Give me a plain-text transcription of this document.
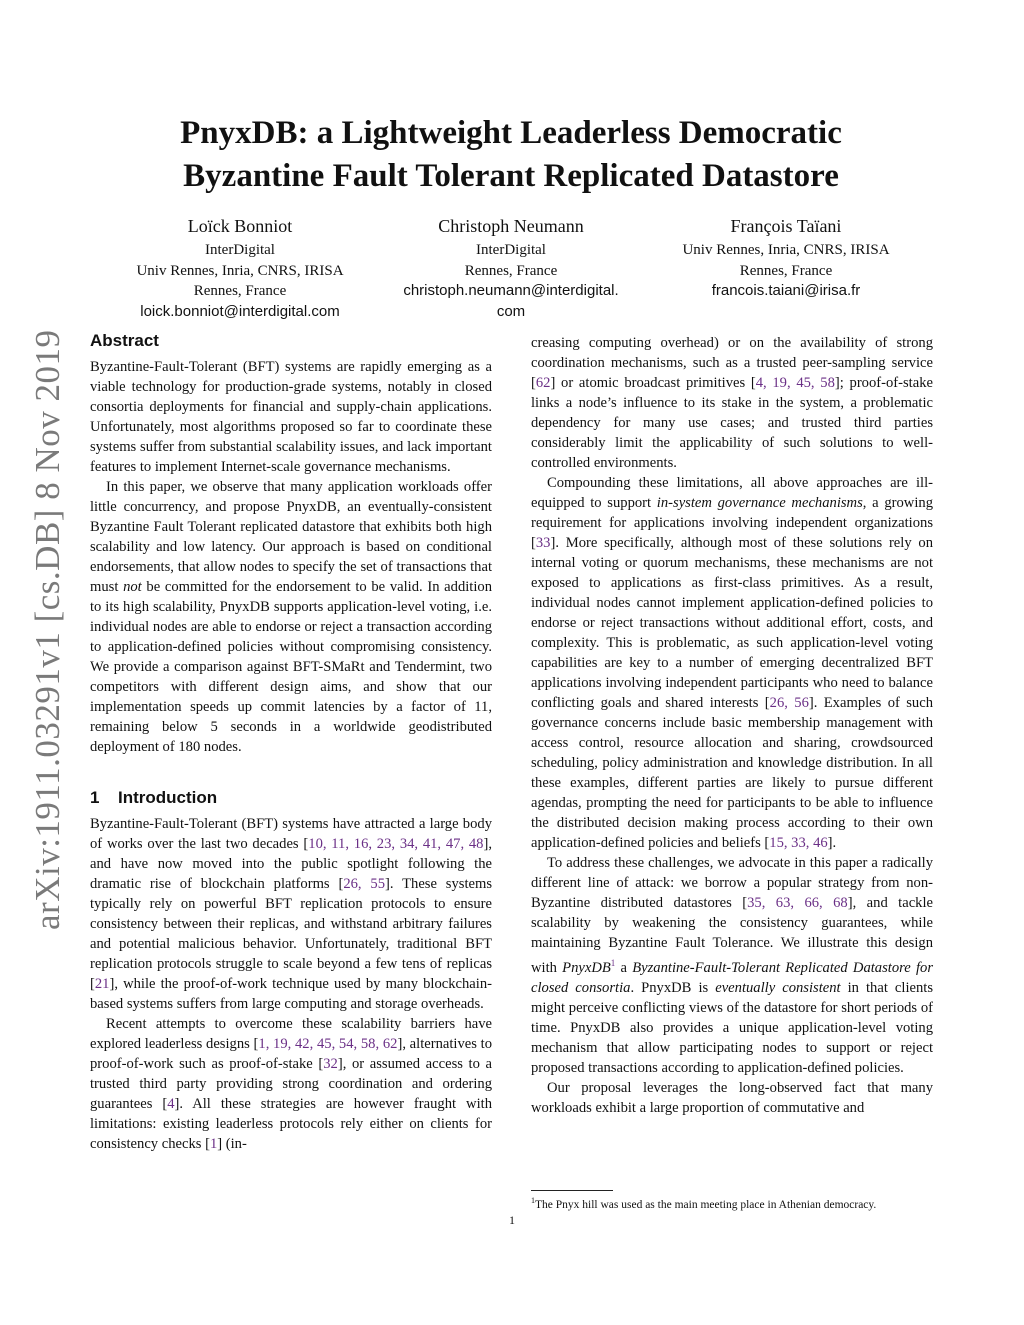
arXiv:1911.03291v1 [cs.DB] 8 Nov 2019
PnyxDB: a Lightweight Leaderless Democratic
Byzantine Fault Tolerant Replicated Datastore
Loïck Bonniot
InterDigital
Univ Rennes, Inria, CNRS, IRISA
Rennes, France
loick.bonniot@interdigital.com
Christoph Neumann
InterDigital
Rennes, France
christoph.neumann@interdigital.
com
François Taïani
Univ Rennes, Inria, CNRS, IRISA
Rennes, France
francois.taiani@irisa.fr
Abstract

Byzantine-Fault-Tolerant (BFT) systems are rapidly emerging as a viable technology for production-grade systems, notably in closed consortia deployments for financial and supply-chain applications. Unfortunately, most algorithms proposed so far to coordinate these systems suffer from substantial scalability issues, and lack important features to implement Internet-scale governance mechanisms.

In this paper, we observe that many application workloads offer little concurrency, and propose PnyxDB, an eventually-consistent Byzantine Fault Tolerant replicated datastore that exhibits both high scalability and low latency. Our approach is based on conditional endorsements, that allow nodes to specify the set of transactions that must not be committed for the endorsement to be valid. In addition to its high scalability, PnyxDB supports application-level voting, i.e. individual nodes are able to endorse or reject a transaction according to application-defined policies without compromising consistency. We provide a comparison against BFT-SMaRt and Tendermint, two competitors with different design aims, and show that our implementation speeds up commit latencies by a factor of 11, remaining below 5 seconds in a worldwide geodistributed deployment of 180 nodes.

1 Introduction

Byzantine-Fault-Tolerant (BFT) systems have attracted a large body of works over the last two decades [10, 11, 16, 23, 34, 41, 47, 48], and have now moved into the public spotlight following the dramatic rise of blockchain platforms [26, 55]. These systems typically rely on powerful BFT replication protocols to ensure consistency between their replicas, and withstand arbitrary failures and potential malicious behavior. Unfortunately, traditional BFT replication protocols struggle to scale beyond a few tens of replicas [21], while the proof-of-work technique used by many blockchain-based systems suffers from large computing and storage overheads.

Recent attempts to overcome these scalability barriers have explored leaderless designs [1, 19, 42, 45, 54, 58, 62], alternatives to proof-of-work such as proof-of-stake [32], or assumed access to a trusted third party providing strong coordination and ordering guarantees [4]. All these strategies are however fraught with limitations: existing leaderless protocols rely either on clients for consistency checks [1] (in-

creasing computing overhead) or on the availability of strong coordination mechanisms, such as a trusted peer-sampling service [62] or atomic broadcast primitives [4, 19, 45, 58]; proof-of-stake links a node’s influence to its stake in the system, a problematic dependency for many use cases; and trusted third parties considerably limit the applicability of such solutions to well-controlled environments.

Compounding these limitations, all above approaches are ill-equipped to support in-system governance mechanisms, a growing requirement for applications involving independent organizations [33]. More specifically, although most of these solutions rely on internal voting or quorum mechanisms, these mechanisms are not exposed to applications as first-class primitives. As a result, individual nodes cannot implement application-defined policies to endorse or reject transactions without additional effort, costs, and complexity. This is problematic, as such application-level voting capabilities are key to a number of emerging decentralized BFT applications involving independent participants who need to balance conflicting goals and shared interests [26, 56]. Examples of such governance concerns include basic membership management with access control, resource allocation and sharing, crowdsourced scheduling, policy administration and knowledge distribution. In all these examples, different parties are likely to pursue different agendas, prompting the need for participants to be able to influence the distributed decision making process according to their own application-defined policies and beliefs [15, 33, 46].

To address these challenges, we advocate in this paper a radically different line of attack: we borrow a popular strategy from non-Byzantine distributed datastores [35, 63, 66, 68], and tackle scalability by weakening the consistency guarantees, while maintaining Byzantine Fault Tolerance. We illustrate this design with PnyxDB$^1$ a Byzantine-Fault-Tolerant Replicated Datastore for closed consortia. PnyxDB is eventually consistent in that clients might perceive conflicting views of the datastore for short periods of time. PnyxDB also provides a unique application-level voting mechanism that allow participating nodes to support or reject proposed transactions according to application-defined policies.

Our proposal leverages the long-observed fact that many workloads exhibit a large proportion of commutative and

$^1$The Pnyx hill was used as the main meeting place in Athenian democracy.
1
